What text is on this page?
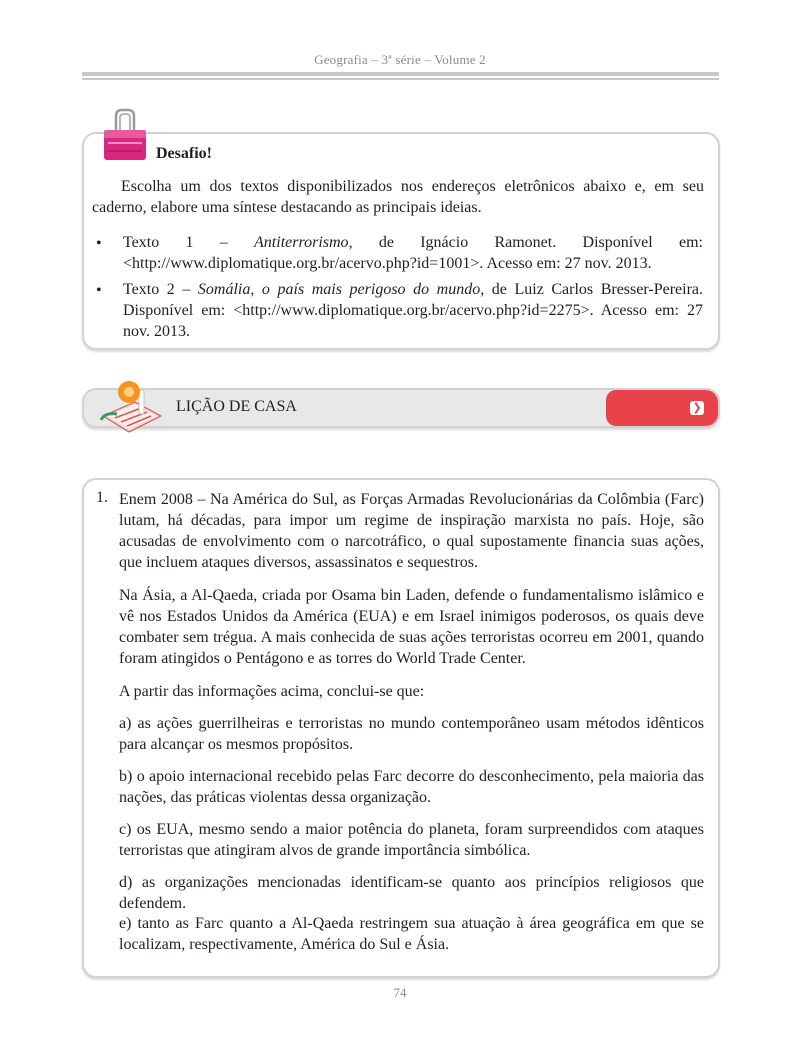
Geografia – 3ª série – Volume 2
Desafio!
Escolha um dos textos disponibilizados nos endereços eletrônicos abaixo e, em seu caderno, elabore uma síntese destacando as principais ideias.
• Texto 1 – Antiterrorismo, de Ignácio Ramonet. Disponível em: <http://www.diplomatique.org.br/acervo.php?id=1001>. Acesso em: 27 nov. 2013.
• Texto 2 – Somália, o país mais perigoso do mundo, de Luiz Carlos Bresser-Pereira. Disponível em: <http://www.diplomatique.org.br/acervo.php?id=2275>. Acesso em: 27 nov. 2013.
LIÇÃO DE CASA	❯
1. Enem 2008 – Na América do Sul, as Forças Armadas Revolucionárias da Colômbia (Farc) lutam, há décadas, para impor um regime de inspiração marxista no país. Hoje, são acusadas de envolvimento com o narcotráfico, o qual supostamente financia suas ações, que incluem ataques diversos, assassinatos e sequestros.
Na Ásia, a Al-Qaeda, criada por Osama bin Laden, defende o fundamentalismo islâmico e vê nos Estados Unidos da América (EUA) e em Israel inimigos poderosos, os quais deve combater sem trégua. A mais conhecida de suas ações terroristas ocorreu em 2001, quando foram atingidos o Pentágono e as torres do World Trade Center.
A partir das informações acima, conclui-se que:
a) as ações guerrilheiras e terroristas no mundo contemporâneo usam métodos idênticos para alcançar os mesmos propósitos.
b) o apoio internacional recebido pelas Farc decorre do desconhecimento, pela maioria das nações, das práticas violentas dessa organização.
c) os EUA, mesmo sendo a maior potência do planeta, foram surpreendidos com ataques terroristas que atingiram alvos de grande importância simbólica.
d) as organizações mencionadas identificam-se quanto aos princípios religiosos que defendem.
e) tanto as Farc quanto a Al-Qaeda restringem sua atuação à área geográfica em que se localizam, respectivamente, América do Sul e Ásia.
74
